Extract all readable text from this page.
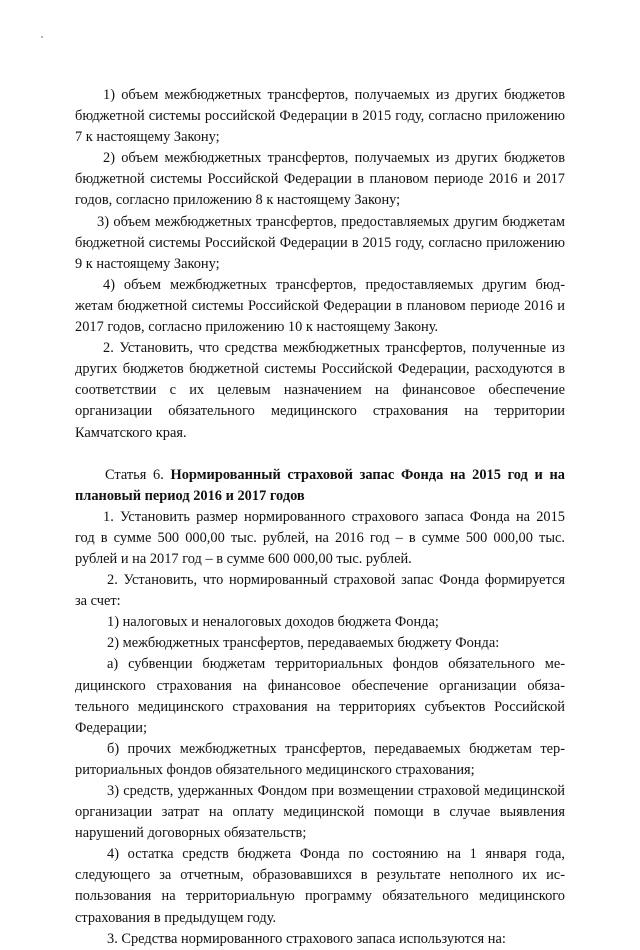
1) объем межбюджетных трансфертов, получаемых из других бюджетов бюджетной системы российской Федерации в 2015 году, согласно приложению 7 к настоящему Закону;

2) объем межбюджетных трансфертов, получаемых из других бюджетов бюджетной системы Российской Федерации в плановом периоде 2016 и 2017 годов, согласно приложению 8 к настоящему Закону;

3) объем межбюджетных трансфертов, предоставляемых другим бюджетам бюджетной системы Российской Федерации в 2015 году, согласно приложению 9 к настоящему Закону;

4) объем межбюджетных трансфертов, предоставляемых другим бюджетам бюджетной системы Российской Федерации в плановом периоде 2016 и 2017 годов, согласно приложению 10 к настоящему Закону.

2. Установить, что средства межбюджетных трансфертов, полученные из других бюджетов бюджетной системы Российской Федерации, расходуются в соответствии с их целевым назначением на финансовое обеспечение организации обязательного медицинского страхования на территории Камчатского края.

Статья 6. Нормированный страховой запас Фонда на 2015 год и на плановый период 2016 и 2017 годов

1. Установить размер нормированного страхового запаса Фонда на 2015 год в сумме 500 000,00 тыс. рублей, на 2016 год – в сумме 500 000,00 тыс. рублей и на 2017 год – в сумме 600 000,00 тыс. рублей.

2. Установить, что нормированный страховой запас Фонда формируется за счет:

1) налоговых и неналоговых доходов бюджета Фонда;

2) межбюджетных трансфертов, передаваемых бюджету Фонда:

а) субвенции бюджетам территориальных фондов обязательного медицинского страхования на финансовое обеспечение организации обязательного медицинского страхования на территориях субъектов Российской Федерации;

б) прочих межбюджетных трансфертов, передаваемых бюджетам территориальных фондов обязательного медицинского страхования;

3) средств, удержанных Фондом при возмещении страховой медицинской организации затрат на оплату медицинской помощи в случае выявления нарушений договорных обязательств;

4) остатка средств бюджета Фонда по состоянию на 1 января года, следующего за отчетным, образовавшихся в результате неполного их использования на территориальную программу обязательного медицинского страхования в предыдущем году.

3. Средства нормированного страхового запаса используются на:
